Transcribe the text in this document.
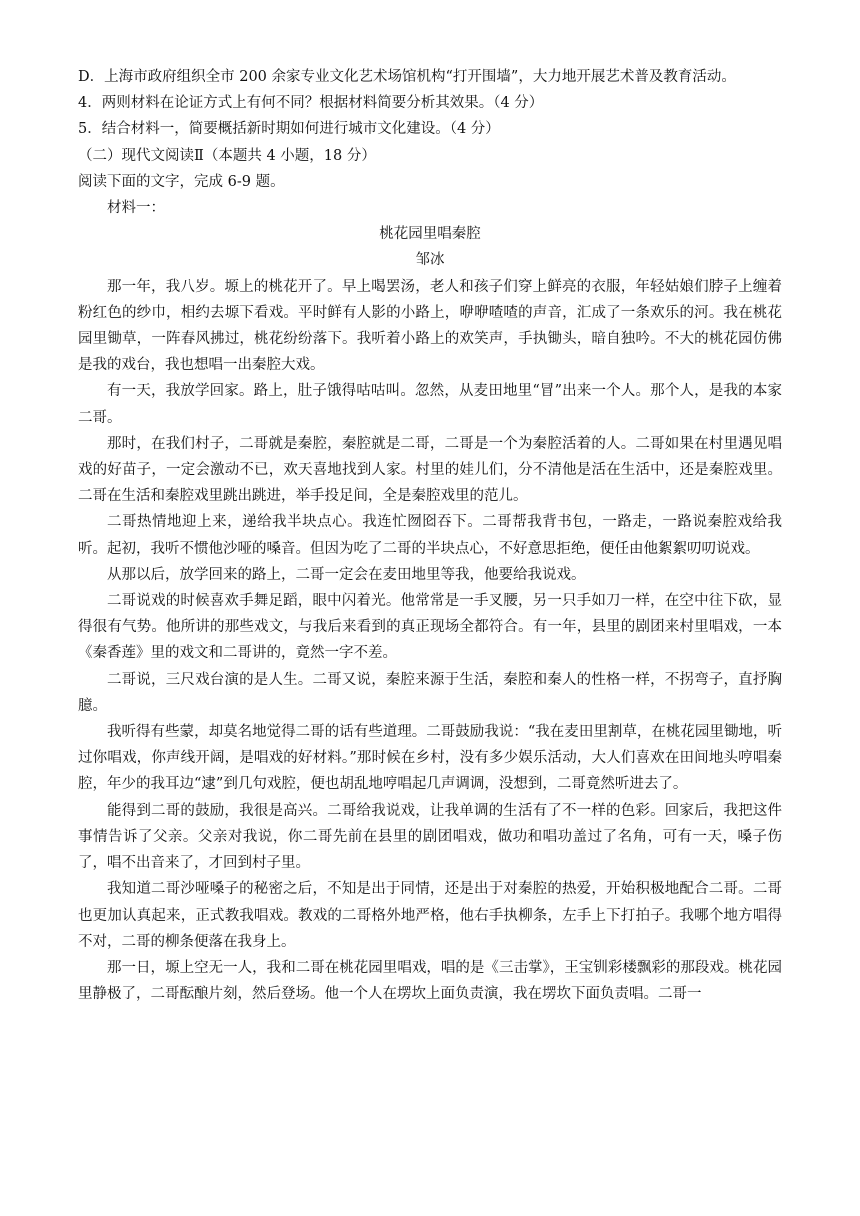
D．上海市政府组织全市 200 余家专业文化艺术场馆机构“打开围墙”，大力地开展艺术普及教育活动。
4．两则材料在论证方式上有何不同？根据材料简要分析其效果。（4 分）
5．结合材料一，简要概括新时期如何进行城市文化建设。（4 分）
（二）现代文阅读Ⅱ（本题共 4 小题，18 分）
阅读下面的文字，完成 6-9 题。
材料一：
桃花园里唱秦腔
邹冰
那一年，我八岁。塬上的桃花开了。早上喝罢汤，老人和孩子们穿上鲜亮的衣服，年轻姑娘们脖子上缠着粉红色的纱巾，相约去塬下看戏。平时鲜有人影的小路上，咿咿喳喳的声音，汇成了一条欢乐的河。我在桃花园里锄草，一阵春风拂过，桃花纷纷落下。我听着小路上的欢笑声，手执锄头，暗自独吟。不大的桃花园仿佛是我的戏台，我也想唱一出秦腔大戏。
有一天，我放学回家。路上，肚子饿得咕咕叫。忽然，从麦田地里“冒”出来一个人。那个人，是我的本家二哥。
那时，在我们村子，二哥就是秦腔，秦腔就是二哥，二哥是一个为秦腔活着的人。二哥如果在村里遇见唱戏的好苗子，一定会激动不已，欢天喜地找到人家。村里的娃儿们，分不清他是活在生活中，还是秦腔戏里。二哥在生活和秦腔戏里跳出跳进，举手投足间，全是秦腔戏里的范儿。
二哥热情地迎上来，递给我半块点心。我连忙囫囵吞下。二哥帮我背书包，一路走，一路说秦腔戏给我听。起初，我听不惯他沙哑的嗓音。但因为吃了二哥的半块点心，不好意思拒绝，便任由他絮絮叨叨说戏。
从那以后，放学回来的路上，二哥一定会在麦田地里等我，他要给我说戏。
二哥说戏的时候喜欢手舞足蹈，眼中闪着光。他常常是一手叉腰，另一只手如刀一样，在空中往下砍，显得很有气势。他所讲的那些戏文，与我后来看到的真正现场全都符合。有一年，县里的剧团来村里唱戏，一本《秦香莲》里的戏文和二哥讲的，竟然一字不差。
二哥说，三尺戏台演的是人生。二哥又说，秦腔来源于生活，秦腔和秦人的性格一样，不拐弯子，直抒胸臆。
我听得有些蒙，却莫名地觉得二哥的话有些道理。二哥鼓励我说：“我在麦田里割草，在桃花园里锄地，听过你唱戏，你声线开阔，是唱戏的好材料。”那时候在乡村，没有多少娱乐活动，大人们喜欢在田间地头哼唱秦腔，年少的我耳边“逮”到几句戏腔，便也胡乱地哼唱起几声调调，没想到，二哥竟然听进去了。
能得到二哥的鼓励，我很是高兴。二哥给我说戏，让我单调的生活有了不一样的色彩。回家后，我把这件事情告诉了父亲。父亲对我说，你二哥先前在县里的剧团唱戏，做功和唱功盖过了名角，可有一天，嗓子伤了，唱不出音来了，才回到村子里。
我知道二哥沙哑嗓子的秘密之后，不知是出于同情，还是出于对秦腔的热爱，开始积极地配合二哥。二哥也更加认真起来，正式教我唱戏。教戏的二哥格外地严格，他右手执柳条，左手上下打拍子。我哪个地方唱得不对，二哥的柳条便落在我身上。
那一日，塬上空无一人，我和二哥在桃花园里唱戏，唱的是《三击掌》，王宝钏彩楼飘彩的那段戏。桃花园里静极了，二哥酝酿片刻，然后登场。他一个人在塄坎上面负责演，我在塄坎下面负责唱。二哥一
